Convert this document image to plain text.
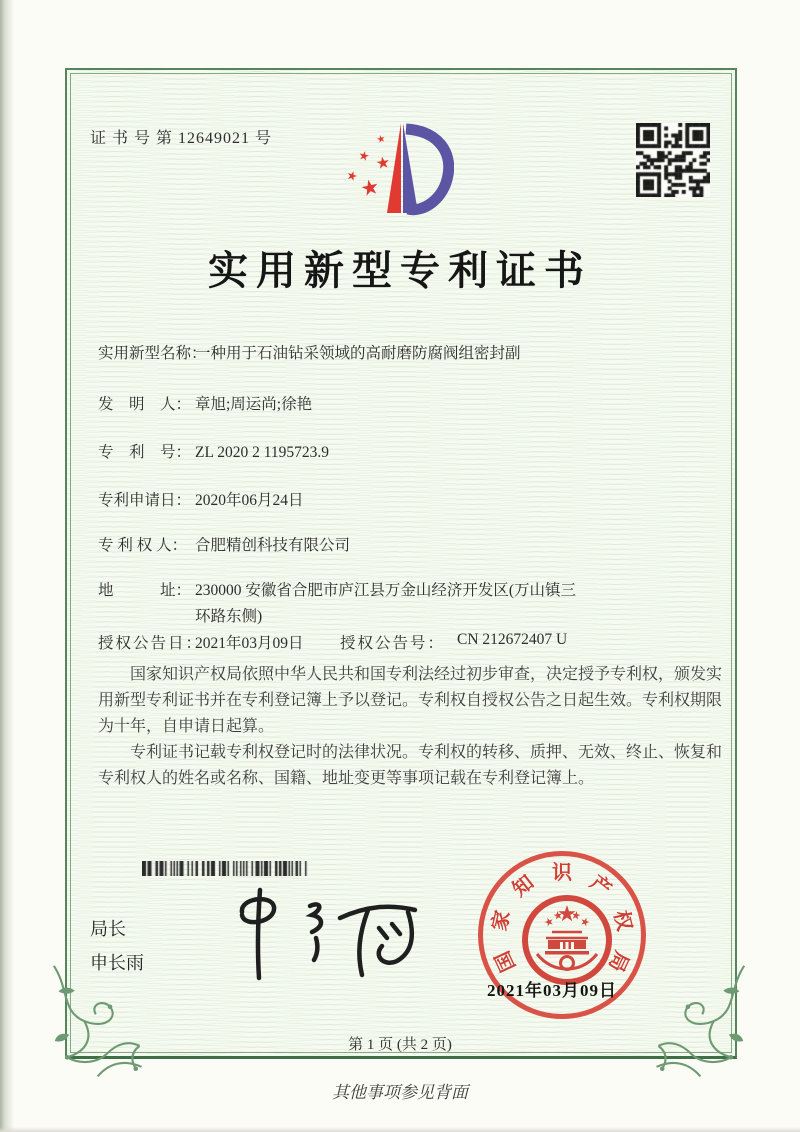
证 书 号 第 12649021 号
实用新型专利证书
实用新型名称：一种用于石油钻采领域的高耐磨防腐阀组密封副
发　明　人： 章旭;周运尚;徐艳
专　利　号： ZL 2020 2 1195723.9
专利申请日： 2020年06月24日
专 利 权 人： 合肥精创科技有限公司
地　　　址： 230000 安徽省合肥市庐江县万金山经济开发区(万山镇三
环路东侧)
授权公告日：
2021年03月09日 授权公告号： CN 212672407 U

国家知识产权局依照中华人民共和国专利法经过初步审查，决定授予专利权，颁发实用新型专利证书并在专利登记簿上予以登记。专利权自授权公告之日起生效。专利权期限为十年，自申请日起算。

专利证书记载专利权登记时的法律状况。专利权的转移、质押、无效、终止、恢复和专利权人的姓名或名称、国籍、地址变更等事项记载在专利登记簿上。

局长
申长雨	国
家
知 识 产
权
局
2021年03月09日
第 1 页 (共 2 页)
其他事项参见背面
